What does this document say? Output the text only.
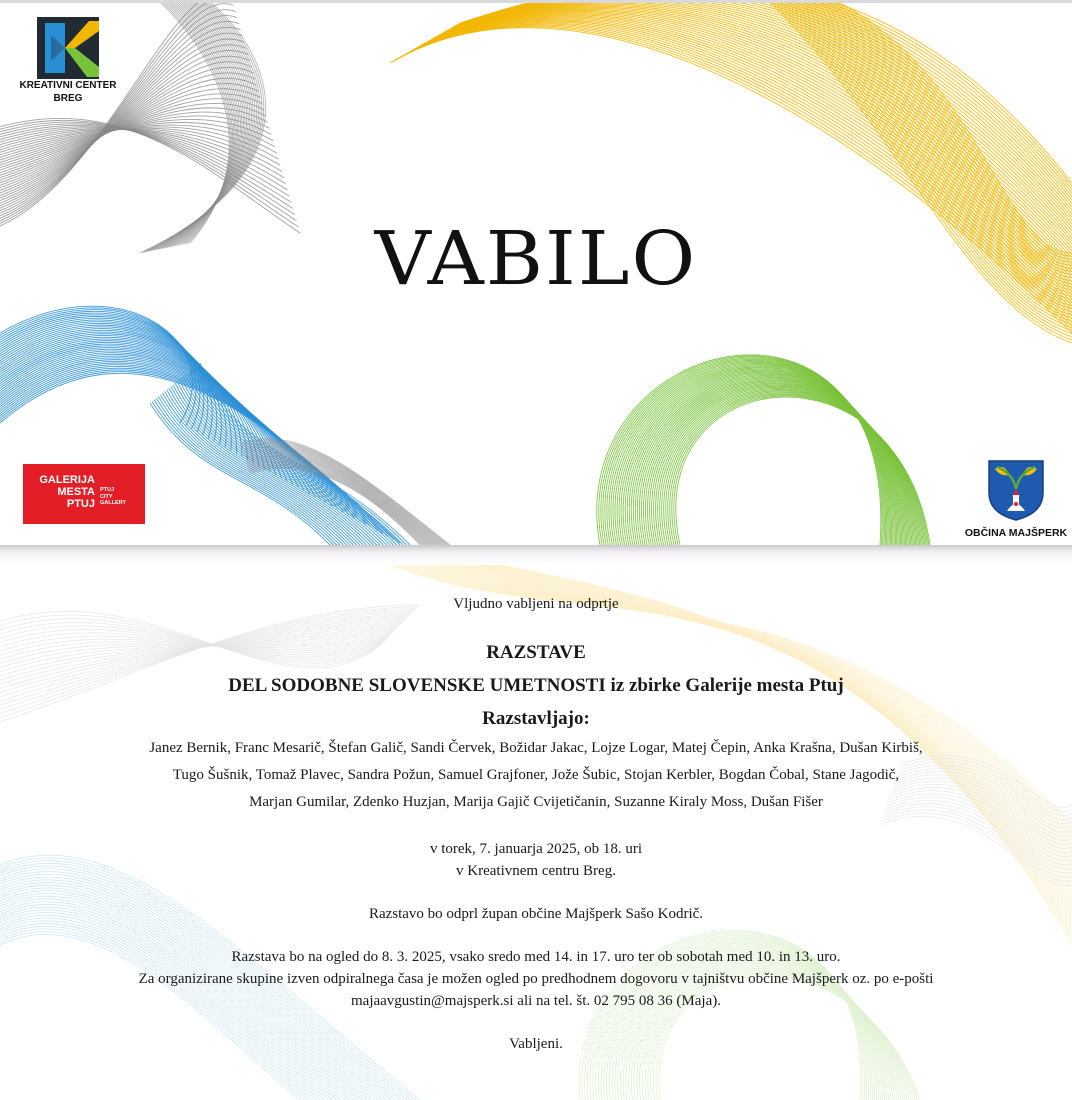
KREATIVNI CENTER
BREG
VABILO
GALERIJA
MESTA
PTUJ
PTUJ
CITY
GALLERY
OBČINA MAJŠPERK
Vljudno vabljeni na odprtje
RAZSTAVE
DEL SODOBNE SLOVENSKE UMETNOSTI iz zbirke Galerije mesta Ptuj
Razstavljajo:
Janez Bernik, Franc Mesarič, Štefan Galič, Sandi Červek, Božidar Jakac, Lojze Logar, Matej Čepin, Anka Krašna, Dušan Kirbiš,
Tugo Šušnik, Tomaž Plavec, Sandra Požun, Samuel Grajfoner, Jože Šubic, Stojan Kerbler, Bogdan Čobal, Stane Jagodič,
Marjan Gumilar, Zdenko Huzjan, Marija Gajič Cvijetičanin, Suzanne Kiraly Moss, Dušan Fišer
v torek, 7. januarja 2025, ob 18. uri
v Kreativnem centru Breg.
Razstavo bo odprl župan občine Majšperk Sašo Kodrič.
Razstava bo na ogled do 8. 3. 2025, vsako sredo med 14. in 17. uro ter ob sobotah med 10. in 13. uro.
Za organizirane skupine izven odpiralnega časa je možen ogled po predhodnem dogovoru v tajništvu občine Majšperk oz. po e-pošti
majaavgustin@majsperk.si ali na tel. št. 02 795 08 36 (Maja).
Vabljeni.
